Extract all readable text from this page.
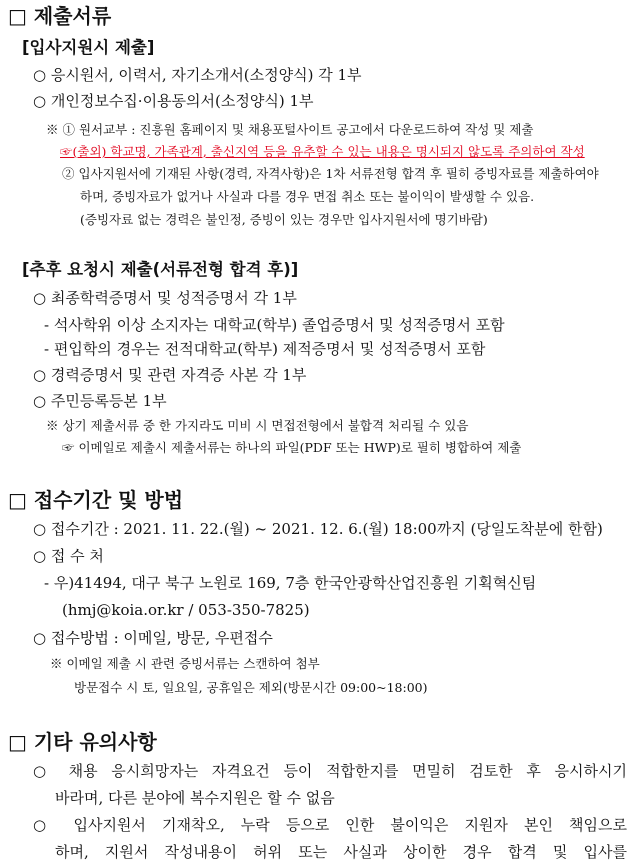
□ 제출서류
[입사지원시 제출]
○ 응시원서, 이력서, 자기소개서(소정양식) 각 1부
○ 개인정보수집·이용동의서(소정양식) 1부
※ ① 원서교부 : 진흥원 홈페이지 및 채용포털사이트 공고에서 다운로드하여 작성 및 제출
☞(출외) 학교명, 가족관계, 출신지역 등을 유추할 수 있는 내용은 명시되지 않도록 주의하여 작성
② 입사지원서에 기재된 사항(경력, 자격사항)은 1차 서류전형 합격 후 필히 증빙자료를 제출하여야
하며, 증빙자료가 없거나 사실과 다를 경우 면접 취소 또는 불이익이 발생할 수 있음.
(증빙자료 없는 경력은 불인정, 증빙이 있는 경우만 입사지원서에 명기바람)
[추후 요청시 제출(서류전형 합격 후)]
○ 최종학력증명서 및 성적증명서 각 1부
- 석사학위 이상 소지자는 대학교(학부) 졸업증명서 및 성적증명서 포함
- 편입학의 경우는 전적대학교(학부) 제적증명서 및 성적증명서 포함
○ 경력증명서 및 관련 자격증 사본 각 1부
○ 주민등록등본 1부
※ 상기 제출서류 중 한 가지라도 미비 시 면접전형에서 불합격 처리될 수 있음
☞ 이메일로 제출시 제출서류는 하나의 파일(PDF 또는 HWP)로 필히 병합하여 제출
□ 접수기간 및 방법
○ 접수기간 : 2021. 11. 22.(월) ~ 2021. 12. 6.(월) 18:00까지 (당일도착분에 한함)
○ 접 수 처
- 우)41494, 대구 북구 노원로 169, 7층 한국안광학산업진흥원 기획혁신팀
(hmj@koia.or.kr / 053-350-7825)
○ 접수방법 : 이메일, 방문, 우편접수
※ 이메일 제출 시 관련 증빙서류는 스캔하여 첨부
방문접수 시 토, 일요일, 공휴일은 제외(방문시간 09:00~18:00)
□ 기타 유의사항
○ 채용 응시희망자는 자격요건 등이 적합한지를 면밀히 검토한 후 응시하시기
바라며, 다른 분야에 복수지원은 할 수 없음
○ 입사지원서 기재착오, 누락 등으로 인한 불이익은 지원자 본인 책임으로
하며, 지원서 작성내용이 허위 또는 사실과 상이한 경우 합격 및 입사를
